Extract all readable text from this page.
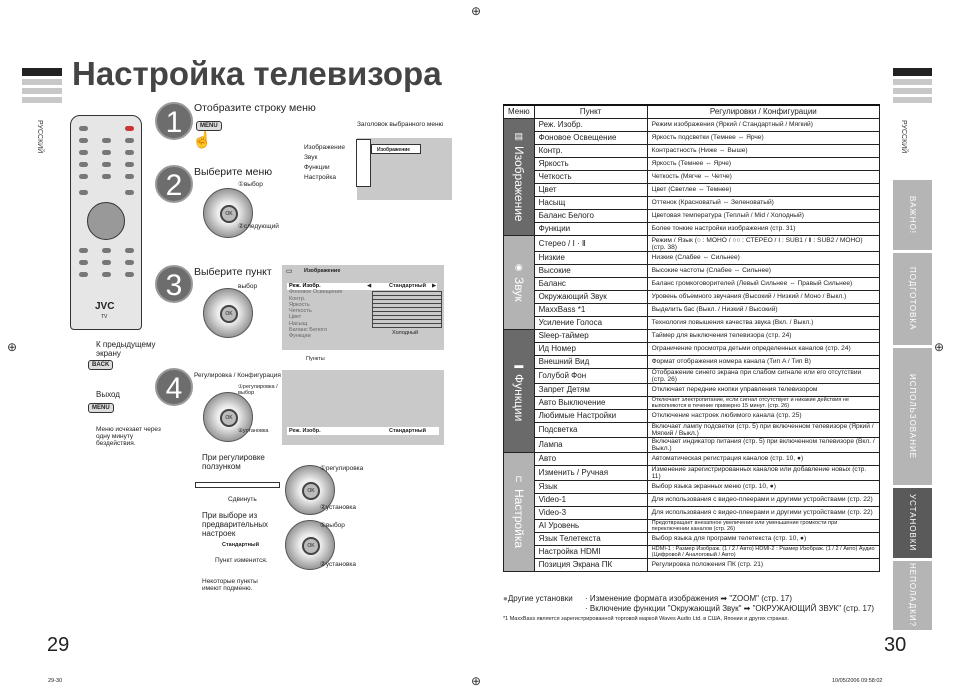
⊕
⊕
⊕	⊕
Настройка телевизора
РУССКИЙ	РУССКИЙ
JVC
TV
1	Отобразите строку меню
MENU
☝
Заголовок выбранного меню
Изображение
Изображение
Звук
Функции
Настройка
2	Выберите меню
OK
①выбор
②следующий
3	Выберите пункт
OK
выбор
Изображение
▭
Реж. Изобр.
Фоновое Освещение
Контр.
Яркость
Четкость
Цвет
Насыщ
Баланс Белого
Функции
Стандартный
◀	▶
Холодный
Пункты
4	Регулировка / Конфигурация
OK
①регулировка / выбор
②установка	Реж. Изобр.	Стандартный
К предыдущему экрану
BACK
Выход
MENU
Меню исчезает через одну минуту бездействия.
При регулировке ползунком
Сдвинуть
OK
①регулировка
②установка
При выборе из предварительных настроек
Стандартный
Пункт изменится.
OK
①выбор
②установка
Некоторые пункты имеют подменю.
Меню	Пункт	Регулировки / Конфигурации

▤
Изображение	Реж. Изобр.	Режим изображения (Яркий / Стандартный / Мягкий)
	Фоновое Освещение	Яркость подсветки (Темнее ⇔ Ярче)
	Контр.	Контрастность (Ниже ⇔ Выше)
	Яркость	Яркость (Темнее ⇔ Ярче)
	Четкость	Четкость (Мягче ⇔ Четче)
	Цвет	Цвет (Светлее ⇔ Темнее)
	Насыщ	Оттенок (Красноватый ⇔ Зеленоватый)
	Баланс Белого	Цветовая температура (Теплый / Mid / Холодный)
	Функции	Более тонкие настройки изображения (стр. 31)

◉
Звук	Стерео / Ⅰ · Ⅱ	Режим / Язык (○ : МОНО / ○○ : СТЕРЕО / Ⅰ : SUB1 / Ⅱ : SUB2 / МОНО) (стр. 38)
	Низкие	Низкие (Слабее ⇔ Сильнее)
	Высокие	Высокие частоты (Слабее ⇔ Сильнее)
	Баланс	Баланс громкоговорителей (Левый Сильнее ⇔ Правый Сильнее)
	Окружающий Звук	Уровень объемного звучания (Высокий / Низкий / Моно / Выкл.)
	MaxxBass *1	Выделить бас (Выкл. / Низкий / Высокий)
	Усиление Голоса	Технология повышения качества звука (Вкл. / Выкл.)

▬
Функции	Sleep-таймер	Таймер для выключения телевизора (стр. 24)
	Ид Номер	Ограничение просмотра детьми определенных каналов (стр. 24)
	Внешний Вид	Формат отображения номера канала (Тип A / Тип B)
	Голубой Фон	Отображение синего экрана при слабом сигнале или его отсутствии (стр. 26)
	Запрет Детям	Отключает передние кнопки управления телевизором
	Авто Выключение	Отключает электропитание, если сигнал отсутствует и никакие действия не выполняются в течение примерно 15 минут. (стр. 26)
	Любимые Настройки	Отключение настроек любимого канала (стр. 25)
	Подсветка	Включает лампу подсветки (стр. 5) при включенном телевизоре (Яркий / Мягкий / Выкл.)
	Лампа	Включает индикатор питания (стр. 5) при включенном телевизоре (Вкл. / Выкл.)

⊓
Настройка	Авто	Автоматическая регистрация каналов (стр. 10, ●)
	Изменить / Ручная	Изменение зарегистрированных каналов или добавление новых (стр. 11)
	Язык	Выбор языка экранных меню (стр. 10, ●)
	Video-1	Для использования с видео-плеерами и другими устройствами (стр. 22)
	Video-3	Для использования с видео-плеерами и другими устройствами (стр. 22)
	AI Уровень	Предотвращает внезапное увеличение или уменьшение громкости при переключении каналов (стр. 26)
	Язык Телетекста	Выбор языка для программ телетекста (стр. 10, ●)
	Настройка HDMI	HDMI-1 : Размер Изображ. (1 / 2 / Авто) HDMI-2 : Размер Изображ. (1 / 2 / Авто) Аудио (Цифровой / Аналоговый / Авто)
	Позиция Экрана ПК	Регулировка положения ПК (стр. 21)
●Другие установки · Изменение формата изображения ➡ "ZOOM" (стр. 17)
· Включение функции "Окружающий Звук" ➡ "ОКРУЖАЮЩИЙ ЗВУК" (стр. 17)
*1 MaxxBass является зарегистрированной торговой маркой Waves Audio Ltd. в США, Японии и других странах.
ВАЖНО!
ПОДГОТОВКА
ИСПОЛЬЗОВАНИЕ
УСТАНОВКИ
НЕПОЛАДКИ?
29	30
29-30	10/05/2006 09:58:02
